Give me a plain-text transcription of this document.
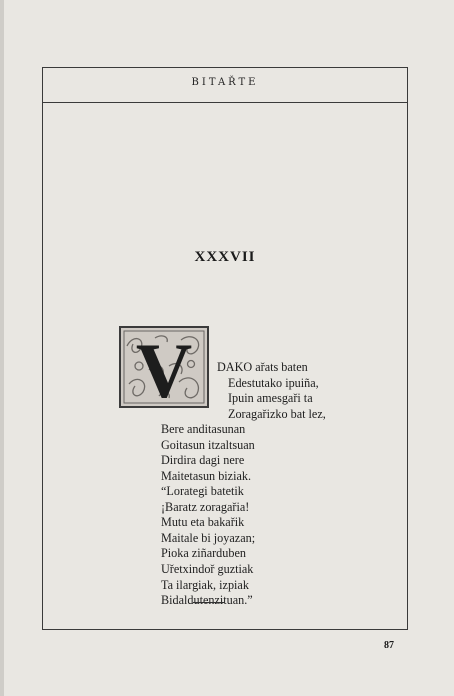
BITAŘTE
XXXVII
V DAKO ařats baten
Edestutako ipuiña,
Ipuin amesgaři ta
Zoragařizko bat lez,
Bere anditasunan
Goitasun itzaltsuan
Dirdira dagi nere
Maitetasun biziak.
“Lorategi batetik
¡Baratz zoragařia!
Mutu eta bakařik
Maitale bi joyazan;
Pioka ziñarduben
Uřetxindoř guztiak
Ta ilargiak, izpiak
Bidaldutenzituan.”
87
